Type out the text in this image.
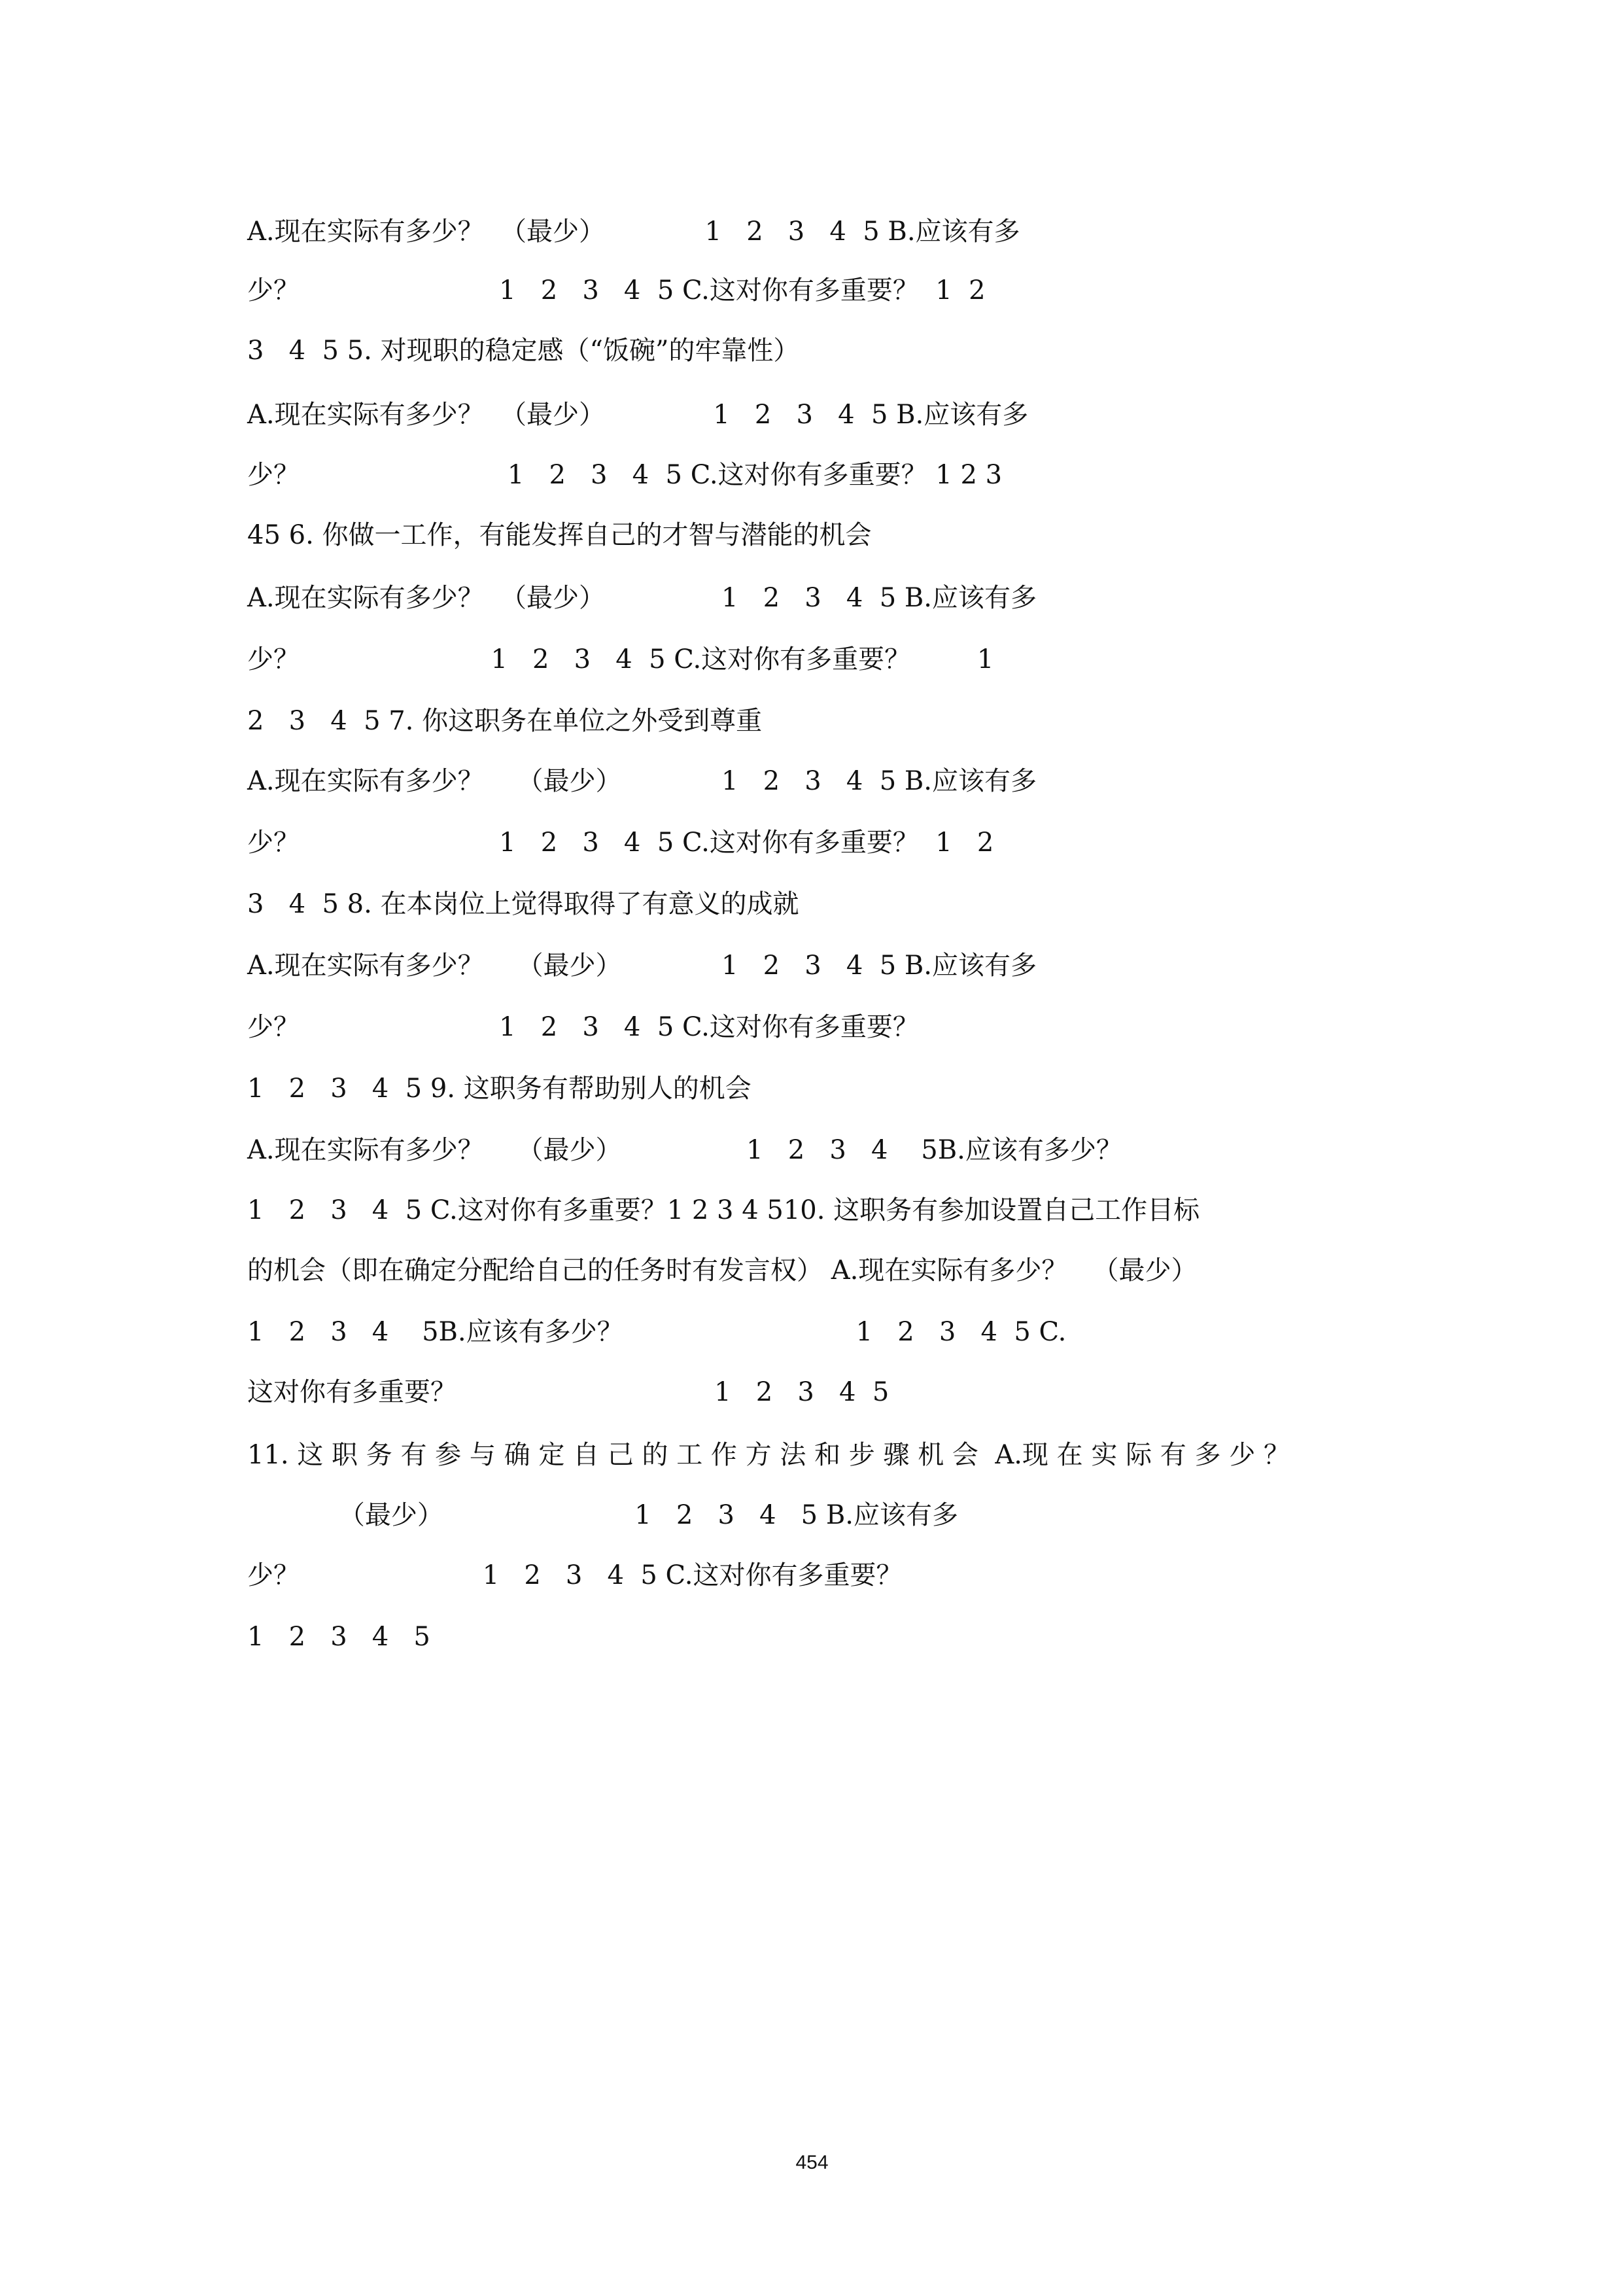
A.现在实际有多少？  （最少）            1   2   3   4  5 B.应该有多
少？                        1   2   3   4  5 C.这对你有多重要？  1  2
3   4  5 5. 对现职的稳定感（“饭碗”的牢靠性）
A.现在实际有多少？  （最少）             1   2   3   4  5 B.应该有多
少？                         1   2   3   4  5 C.这对你有多重要？ 1 2 3
45 6. 你做一工作，有能发挥自己的才智与潜能的机会
A.现在实际有多少？  （最少）              1   2   3   4  5 B.应该有多
少？                       1   2   3   4  5 C.这对你有多重要？        1
2   3   4  5 7. 你这职务在单位之外受到尊重
A.现在实际有多少？    （最少）            1   2   3   4  5 B.应该有多
少？                        1   2   3   4  5 C.这对你有多重要？  1   2
3   4  5 8. 在本岗位上觉得取得了有意义的成就
A.现在实际有多少？    （最少）            1   2   3   4  5 B.应该有多
少？                        1   2   3   4  5 C.这对你有多重要？
1   2   3   4  5 9. 这职务有帮助别人的机会
A.现在实际有多少？    （最少）               1   2   3   4    5B.应该有多少？
1   2   3   4  5 C.这对你有多重要？1 2 3 4 510. 这职务有参加设置自己工作目标
的机会（即在确定分配给自己的任务时有发言权） A.现在实际有多少？   （最少）
1   2   3   4    5B.应该有多少？                            1   2   3   4  5 C.
这对你有多重要？                               1   2   3   4  5
11. 这 职 务 有 参 与 确 定 自 己 的 工 作 方 法 和 步 骤 机 会  A.现 在 实 际 有 多 少 ？
（最少）                       1   2   3   4   5 B.应该有多
少？                      1   2   3   4  5 C.这对你有多重要？
1   2   3   4   5
454
